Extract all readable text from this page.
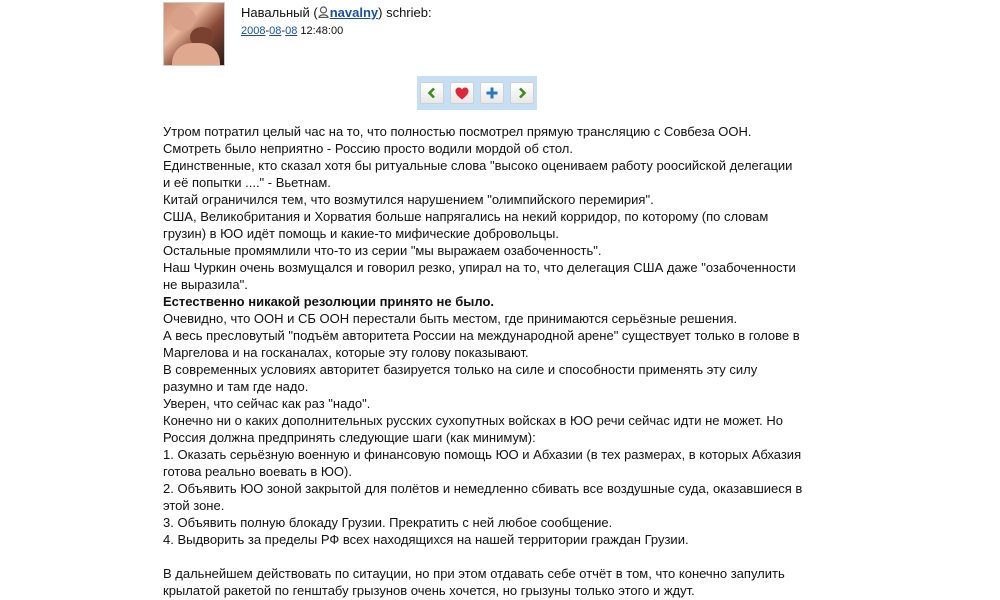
Навальный ( navalny) schrieb:
2008-08-08 12:48:00

Утром потратил целый час на то, что полностью посмотрел прямую трансляцию с Совбеза ООН.

Смотреть было неприятно - Россию просто водили мордой об стол.

Единственные, кто сказал хотя бы ритуальные слова "высоко оцениваем работу роосийской делегации и её попытки ...." - Вьетнам.

Китай ограничился тем, что возмутился нарушением "олимпийского перемирия".

США, Великобритания и Хорватия больше напрягались на некий корридор, по которому (по словам грузин) в ЮО идёт помощь и какие-то мифические добровольцы.

Остальные промямлили что-то из серии "мы выражаем озабоченность".

Наш Чуркин очень возмущался и говорил резко, упирал на то, что делегация США даже "озабоченности не выразила".

Естественно никакой резолюции принято не было.

Очевидно, что ООН и СБ ООН перестали быть местом, где принимаются серьёзные решения.

А весь пресловутый "подъём авторитета России на международной арене" существует только в голове в Маргелова и на госканалах, которые эту голову показывают.

В современных условиях авторитет базируется только на силе и способности применять эту силу разумно и там где надо.

Уверен, что сейчас как раз "надо".

Конечно ни о каких дополнительных русских сухопутных войсках в ЮО речи сейчас идти не может. Но Россия должна предпринять следующие шаги (как минимум):

1. Оказать серьёзную военную и финансовую помощь ЮО и Абхазии (в тех размерах, в которых Абхазия готова реально воевать в ЮО).

2. Объявить ЮО зоной закрытой для полётов и немедленно сбивать все воздушные суда, оказавшиеся в этой зоне.

3. Объявить полную блокаду Грузии. Прекратить с ней любое сообщение.

4. Выдворить за пределы РФ всех находящихся на нашей территории граждан Грузии.

В дальнейшем действовать по ситауции, но при этом отдавать себе отчёт в том, что конечно запулить крылатой ракетой по генштабу грызунов очень хочется, но грызуны только этого и ждут.
